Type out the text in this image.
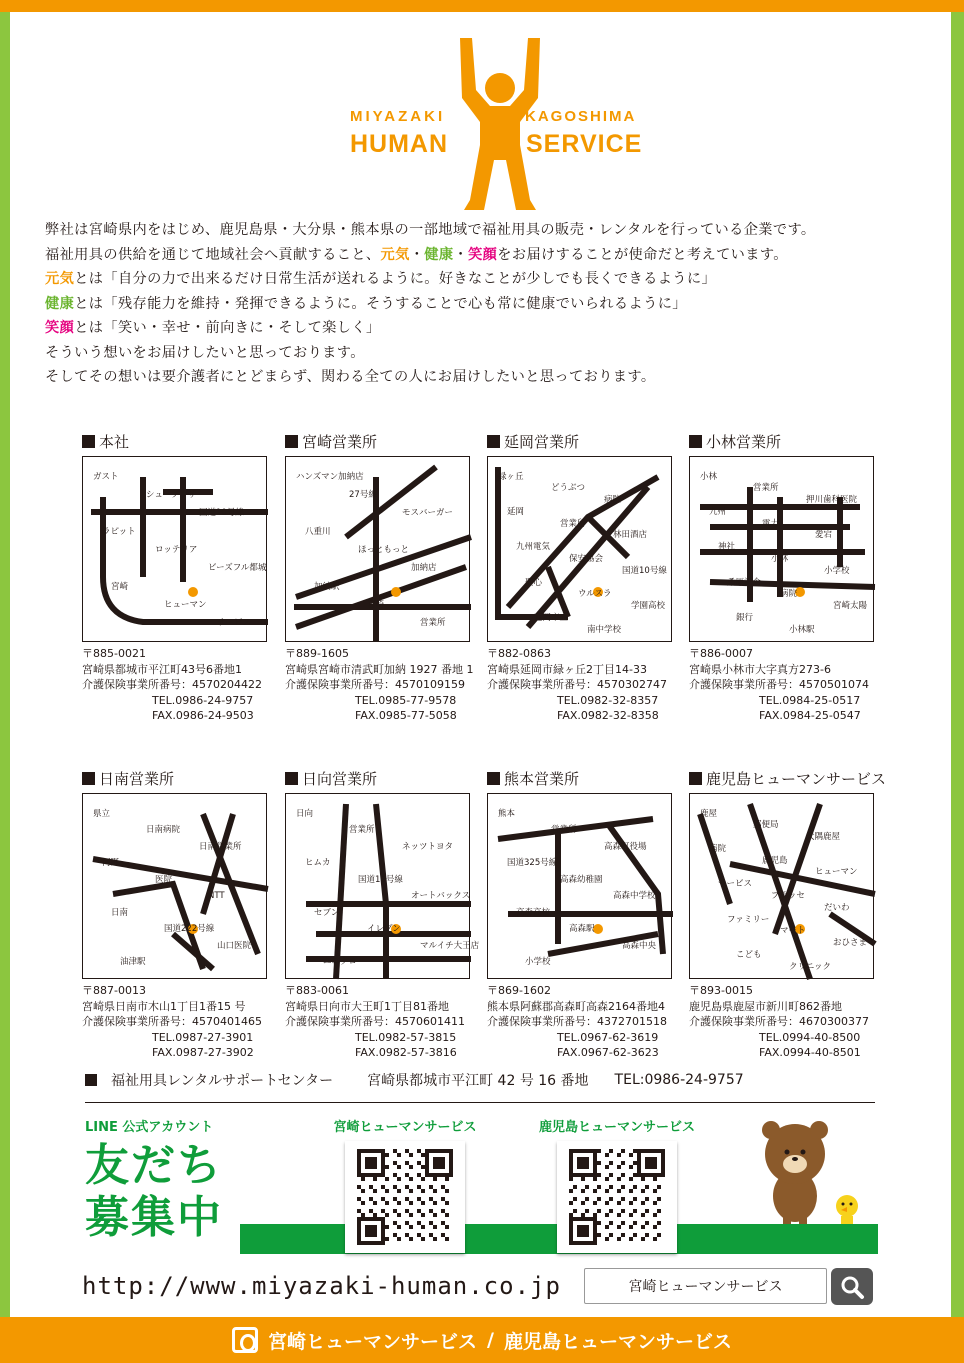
MIYAZAKI
HUMAN
KAGOSHIMA
SERVICE
弊社は宮崎県内をはじめ、鹿児島県・大分県・熊本県の一部地域で福祉用具の販売・レンタルを行っている企業です。
福祉用具の供給を通じて地域社会へ貢献すること、元気・健康・笑顔をお届けすることが使命だと考えています。
元気とは「自分の力で出来るだけ日常生活が送れるように。好きなことが少しでも長くできるように」
健康とは「残存能力を維持・発揮できるように。そうすることで心も常に健康でいられるように」
笑顔とは「笑い・幸せ・前向きに・そして楽しく」
そういう想いをお届けしたいと思っております。
そしてその想いは要介護者にとどまらず、関わる全ての人にお届けしたいと思っております。
本社
ガスト
シュープラザ
国道10号線
ラピット
ロッテリア
ビーズフル都城
宮崎
ヒューマン
サービス
〒885-0021
宮崎県都城市平江町43号6番地1
介護保険事業所番号：4570204422
TEL.0986-24-9757
FAX.0986-24-9503
宮崎営業所
ハンズマン加納店
27号線
モスバーガー
八重川
ほっともっと
加納店
加納駅
宮崎
営業所
〒889-1605
宮崎県宮崎市清武町加納 1927 番地 1
介護保険事業所番号：4570109159
TEL.0985-77-9578
FAX.0985-77-5058
延岡営業所
緑ヶ丘
どうぶつ
病院
延岡
営業所
林田酒店
九州電気
保安協会
国道10号線
聖心
ウルスラ
学園高校
延岡市立
南中学校
〒882-0863
宮崎県延岡市緑ヶ丘2丁目14-33
介護保険事業所番号：4570302747
TEL.0982-32-8357
FAX.0982-32-8358
小林営業所
小林
営業所
押川歯科医院
九州
電力
愛宕
神社
小林
小学校
桑原記念
病院
宮崎太陽
銀行
小林駅
〒886-0007
宮崎県小林市大字真方273-6
介護保険事業所番号：4570501074
TEL.0984-25-0517
FAX.0984-25-0547
日南営業所
県立
日南病院
日南営業所
河野
医院
NTT
日南
国道222号線
山口医院
油津駅
〒887-0013
宮崎県日南市木山1丁目1番15 号
介護保険事業所番号：4570401465
TEL.0987-27-3901
FAX.0987-27-3902
日向営業所
日向
営業所
ネッツトヨタ
ヒムカ
国道10号線
オートバックス
セブン
イレブン
マルイチ大王店
ユニクロ
〒883-0061
宮崎県日向市大王町1丁目81番地
介護保険事業所番号：4570601411
TEL.0982-57-3815
FAX.0982-57-3816
熊本営業所
熊本
営業所
高森町役場
国道325号線
高森幼稚園
高森中学校
高森高校
高森駅
高森中央
小学校
〒869-1602
熊本県阿蘇郡高森町高森2164番地4
介護保険事業所番号：4372701518
TEL.0967-62-3619
FAX.0967-62-3623
鹿児島ヒューマンサービス
鹿屋
郵便局
大隅鹿屋
病院
鹿児島
ヒューマン
サービス
プラッセ
だいわ
ファミリー
マート
おひさま
こども
クリニック
〒893-0015
鹿児島県鹿屋市新川町862番地
介護保険事業所番号：4670300377
TEL.0994-40-8500
FAX.0994-40-8501
福祉用具レンタルサポートセンター 宮崎県都城市平江町 42 号 16 番地 TEL:0986-24-9757
LINE 公式アカウント
友だち
募集中
宮崎ヒューマンサービス	鹿児島ヒューマンサービス
http://www.miyazaki-human.co.jp	宮崎ヒューマンサービス
宮崎ヒューマンサービス / 鹿児島ヒューマンサービス
